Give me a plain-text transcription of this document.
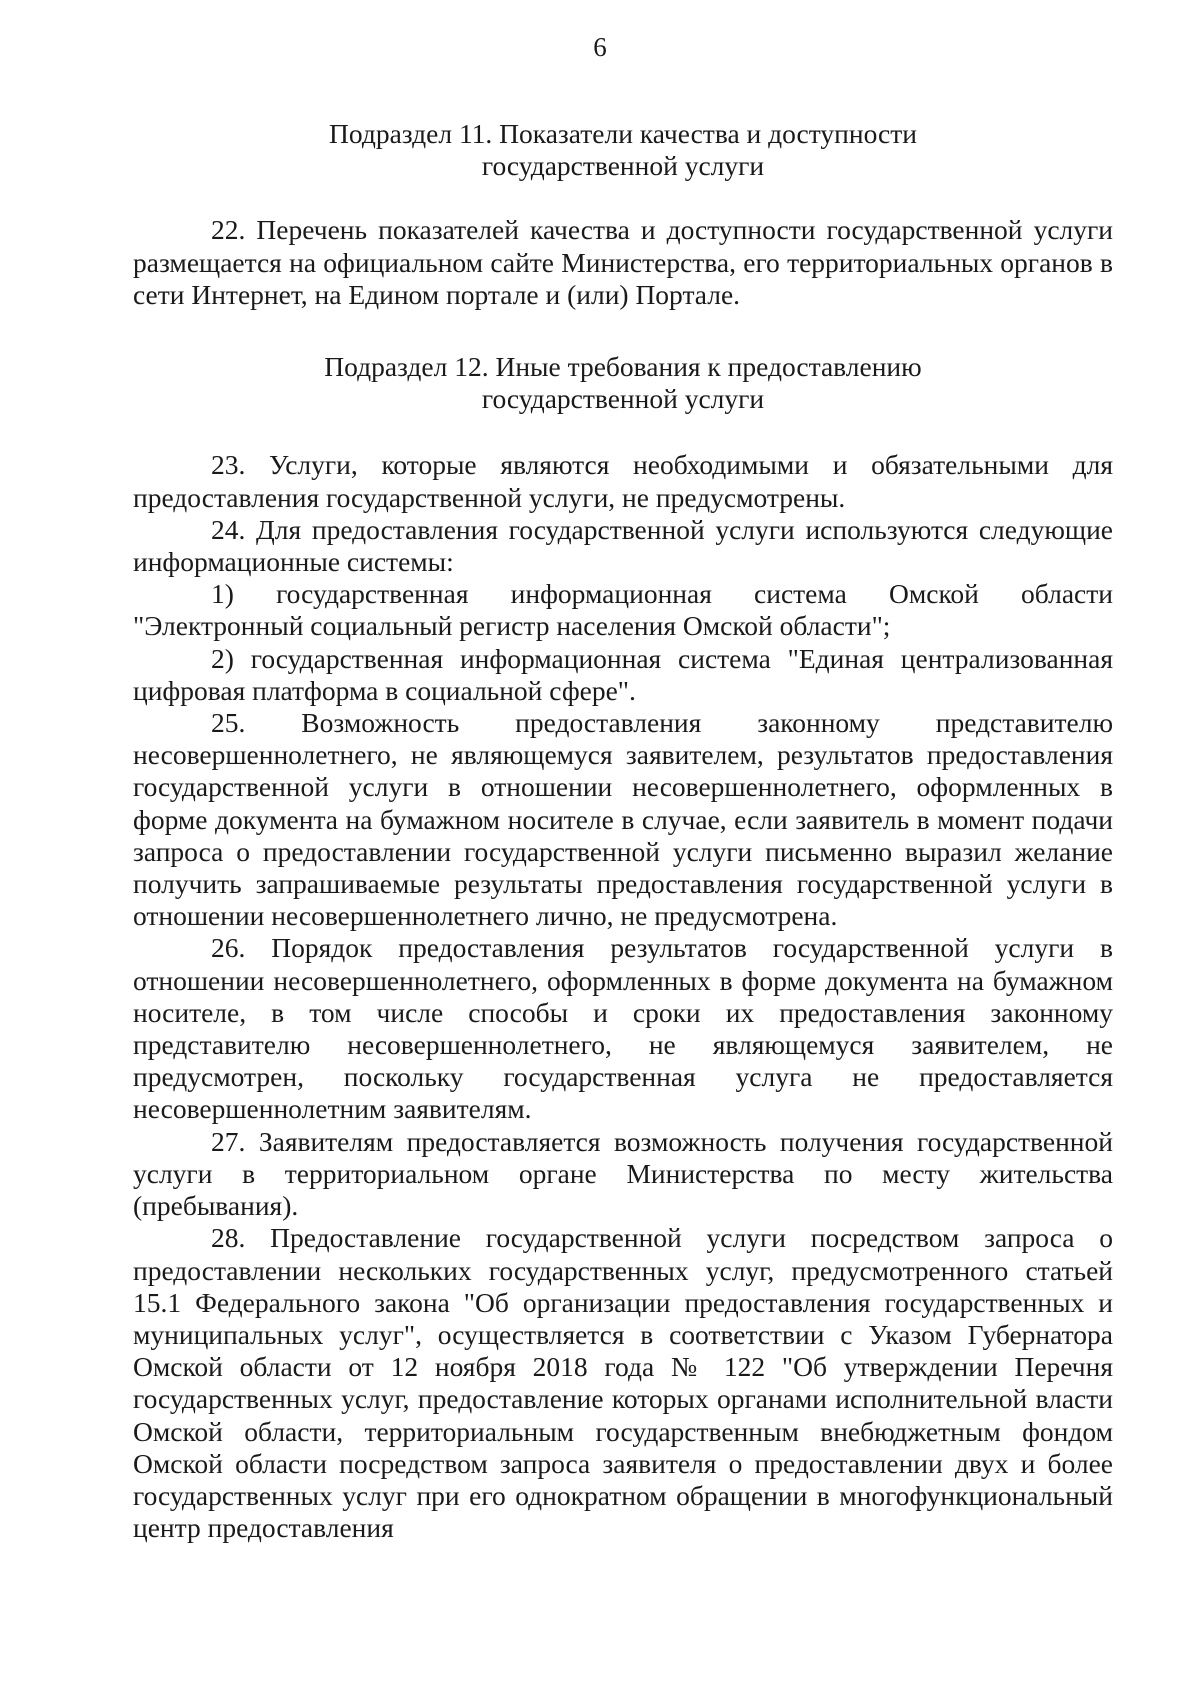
6
Подраздел 11. Показатели качества и доступности
государственной услуги

22. Перечень показателей качества и доступности государственной услуги размещается на официальном сайте Министерства, его территориальных органов в сети Интернет, на Едином портале и (или) Портале.

Подраздел 12. Иные требования к предоставлению
государственной услуги

23. Услуги, которые являются необходимыми и обязательными для предоставления государственной услуги, не предусмотрены.

24. Для предоставления государственной услуги используются следующие информационные системы:

1) государственная информационная система Омской области "Электронный социальный регистр населения Омской области";

2) государственная информационная система "Единая централизованная цифровая платформа в социальной сфере".

25. Возможность предоставления законному представителю несовершеннолетнего, не являющемуся заявителем, результатов предоставления государственной услуги в отношении несовершеннолетнего, оформленных в форме документа на бумажном носителе в случае, если заявитель в момент подачи запроса о предоставлении государственной услуги письменно выразил желание получить запрашиваемые результаты предоставления государственной услуги в отношении несовершеннолетнего лично, не предусмотрена.

26. Порядок предоставления результатов государственной услуги в отношении несовершеннолетнего, оформленных в форме документа на бумажном носителе, в том числе способы и сроки их предоставления законному представителю несовершеннолетнего, не являющемуся заявителем, не предусмотрен, поскольку государственная услуга не предоставляется несовершеннолетним заявителям.

27. Заявителям предоставляется возможность получения государственной услуги в территориальном органе Министерства по месту жительства (пребывания).

28. Предоставление государственной услуги посредством запроса о предоставлении нескольких государственных услуг, предусмотренного статьей 15.1 Федерального закона "Об организации предоставления государственных и муниципальных услуг", осуществляется в соответствии с Указом Губернатора Омской области от 12 ноября 2018 года № 122 "Об утверждении Перечня государственных услуг, предоставление которых органами исполнительной власти Омской области, территориальным государственным внебюджетным фондом Омской области посредством запроса заявителя о предоставлении двух и более государственных услуг при его однократном обращении в многофункциональный центр предоставления
